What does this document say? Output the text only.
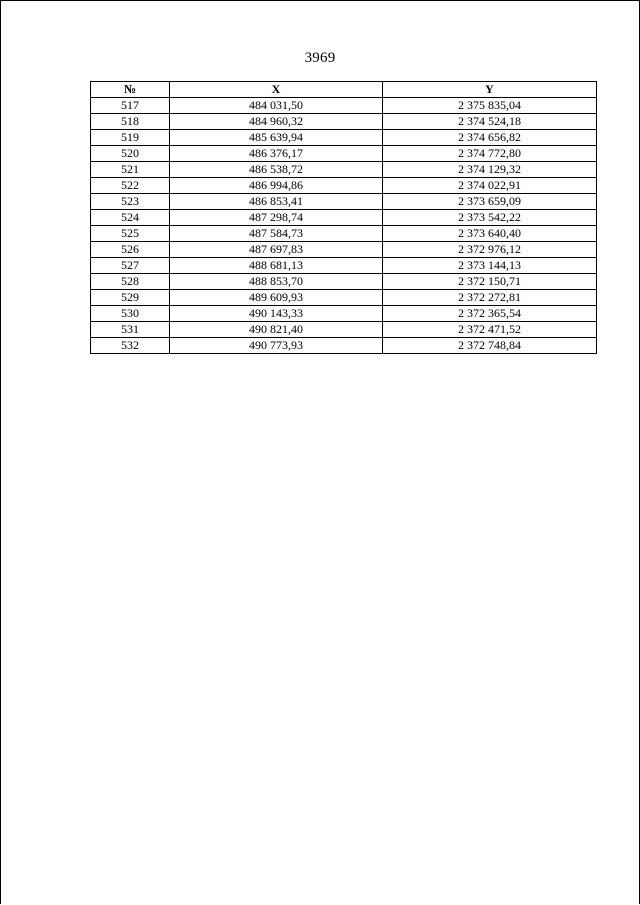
3969
№	X	Y
517	484 031,50	2 375 835,04
518	484 960,32	2 374 524,18
519	485 639,94	2 374 656,82
520	486 376,17	2 374 772,80
521	486 538,72	2 374 129,32
522	486 994,86	2 374 022,91
523	486 853,41	2 373 659,09
524	487 298,74	2 373 542,22
525	487 584,73	2 373 640,40
526	487 697,83	2 372 976,12
527	488 681,13	2 373 144,13
528	488 853,70	2 372 150,71
529	489 609,93	2 372 272,81
530	490 143,33	2 372 365,54
531	490 821,40	2 372 471,52
532	490 773,93	2 372 748,84
